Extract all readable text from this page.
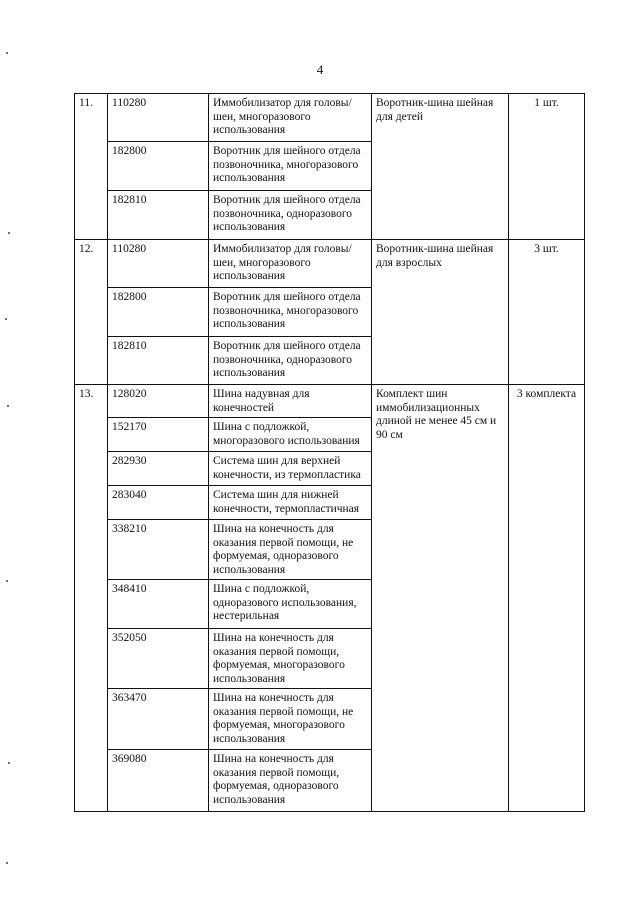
4
11.	110280	Иммобилизатор для головы/шеи, многоразового использования	Воротник-шина шейная для детей	1 шт.
	182800	Воротник для шейного отдела позвоночника, многоразового использования		
	182810	Воротник для шейного отдела позвоночника, одноразового использования		
12.	110280	Иммобилизатор для головы/шеи, многоразового использования	Воротник-шина шейная для взрослых	3 шт.
	182800	Воротник для шейного отдела позвоночника, многоразового использования		
	182810	Воротник для шейного отдела позвоночника, одноразового использования		
13.	128020	Шина надувная для конечностей	Комплект шин иммобилизационных длиной не менее 45 см и 90 см	3 комплекта
	152170	Шина с подложкой, многоразового использования		
	282930	Система шин для верхней конечности, из термопластика		
	283040	Система шин для нижней конечности, термопластичная		
	338210	Шина на конечность для оказания первой помощи, не формуемая, одноразового использования		
	348410	Шина с подложкой, одноразового использования, нестерильная		
	352050	Шина на конечность для оказания первой помощи, формуемая, многоразового использования		
	363470	Шина на конечность для оказания первой помощи, не формуемая, многоразового использования		
	369080	Шина на конечность для оказания первой помощи, формуемая, одноразового использования		
